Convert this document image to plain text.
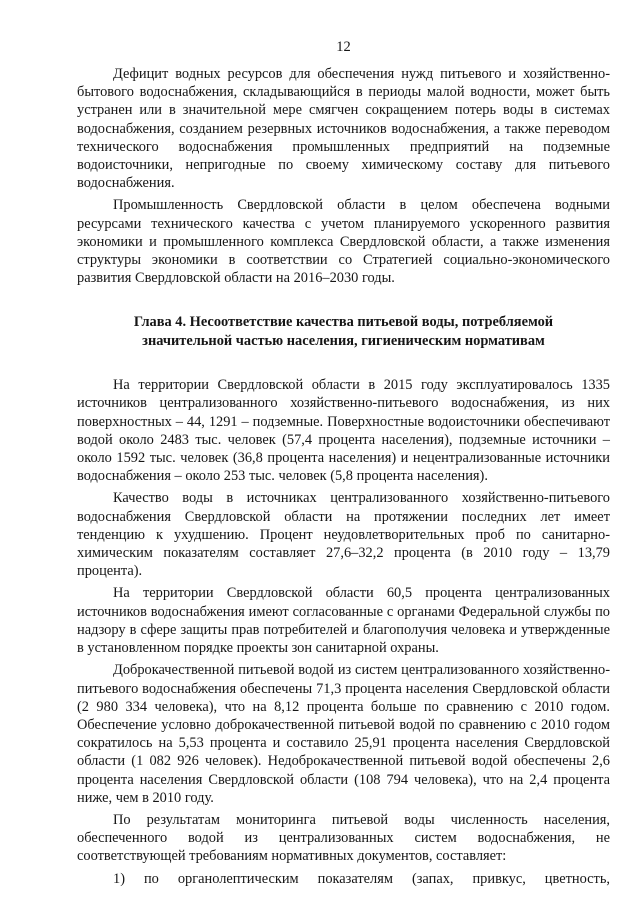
12

Дефицит водных ресурсов для обеспечения нужд питьевого и хозяйственно-бытового водоснабжения, складывающийся в периоды малой водности, может быть устранен или в значительной мере смягчен сокращением потерь воды в системах водоснабжения, созданием резервных источников водоснабжения, а также переводом технического водоснабжения промышленных предприятий на подземные водоисточники, непригодные по своему химическому составу для питьевого водоснабжения.

Промышленность Свердловской области в целом обеспечена водными ресурсами технического качества с учетом планируемого ускоренного развития экономики и промышленного комплекса Свердловской области, а также изменения структуры экономики в соответствии со Стратегией социально-экономического развития Свердловской области на 2016–2030 годы.

Глава 4. Несоответствие качества питьевой воды, потребляемой
значительной частью населения, гигиеническим нормативам

На территории Свердловской области в 2015 году эксплуатировалось 1335 источников централизованного хозяйственно-питьевого водоснабжения, из них поверхностных – 44, 1291 – подземные. Поверхностные водоисточники обеспечивают водой около 2483 тыс. человек (57,4 процента населения), подземные источники – около 1592 тыс. человек (36,8 процента населения) и нецентрализованные источники водоснабжения – около 253 тыс. человек (5,8 процента населения).

Качество воды в источниках централизованного хозяйственно-питьевого водоснабжения Свердловской области на протяжении последних лет имеет тенденцию к ухудшению. Процент неудовлетворительных проб по санитарно-химическим показателям составляет 27,6–32,2 процента (в 2010 году – 13,79 процента).

На территории Свердловской области 60,5 процента централизованных источников водоснабжения имеют согласованные с органами Федеральной службы по надзору в сфере защиты прав потребителей и благополучия человека и утвержденные в установленном порядке проекты зон санитарной охраны.

Доброкачественной питьевой водой из систем централизованного хозяйственно-питьевого водоснабжения обеспечены 71,3 процента населения Свердловской области (2 980 334 человека), что на 8,12 процента больше по сравнению с 2010 годом. Обеспечение условно доброкачественной питьевой водой по сравнению с 2010 годом сократилось на 5,53 процента и составило 25,91 процента населения Свердловской области (1 082 926 человек). Недоброкачественной питьевой водой обеспечены 2,6 процента населения Свердловской области (108 794 человека), что на 2,4 процента ниже, чем в 2010 году.

По результатам мониторинга питьевой воды численность населения, обеспеченного водой из централизованных систем водоснабжения, не соответствующей требованиям нормативных документов, составляет:

1) по органолептическим показателям (запах, привкус, цветность,
